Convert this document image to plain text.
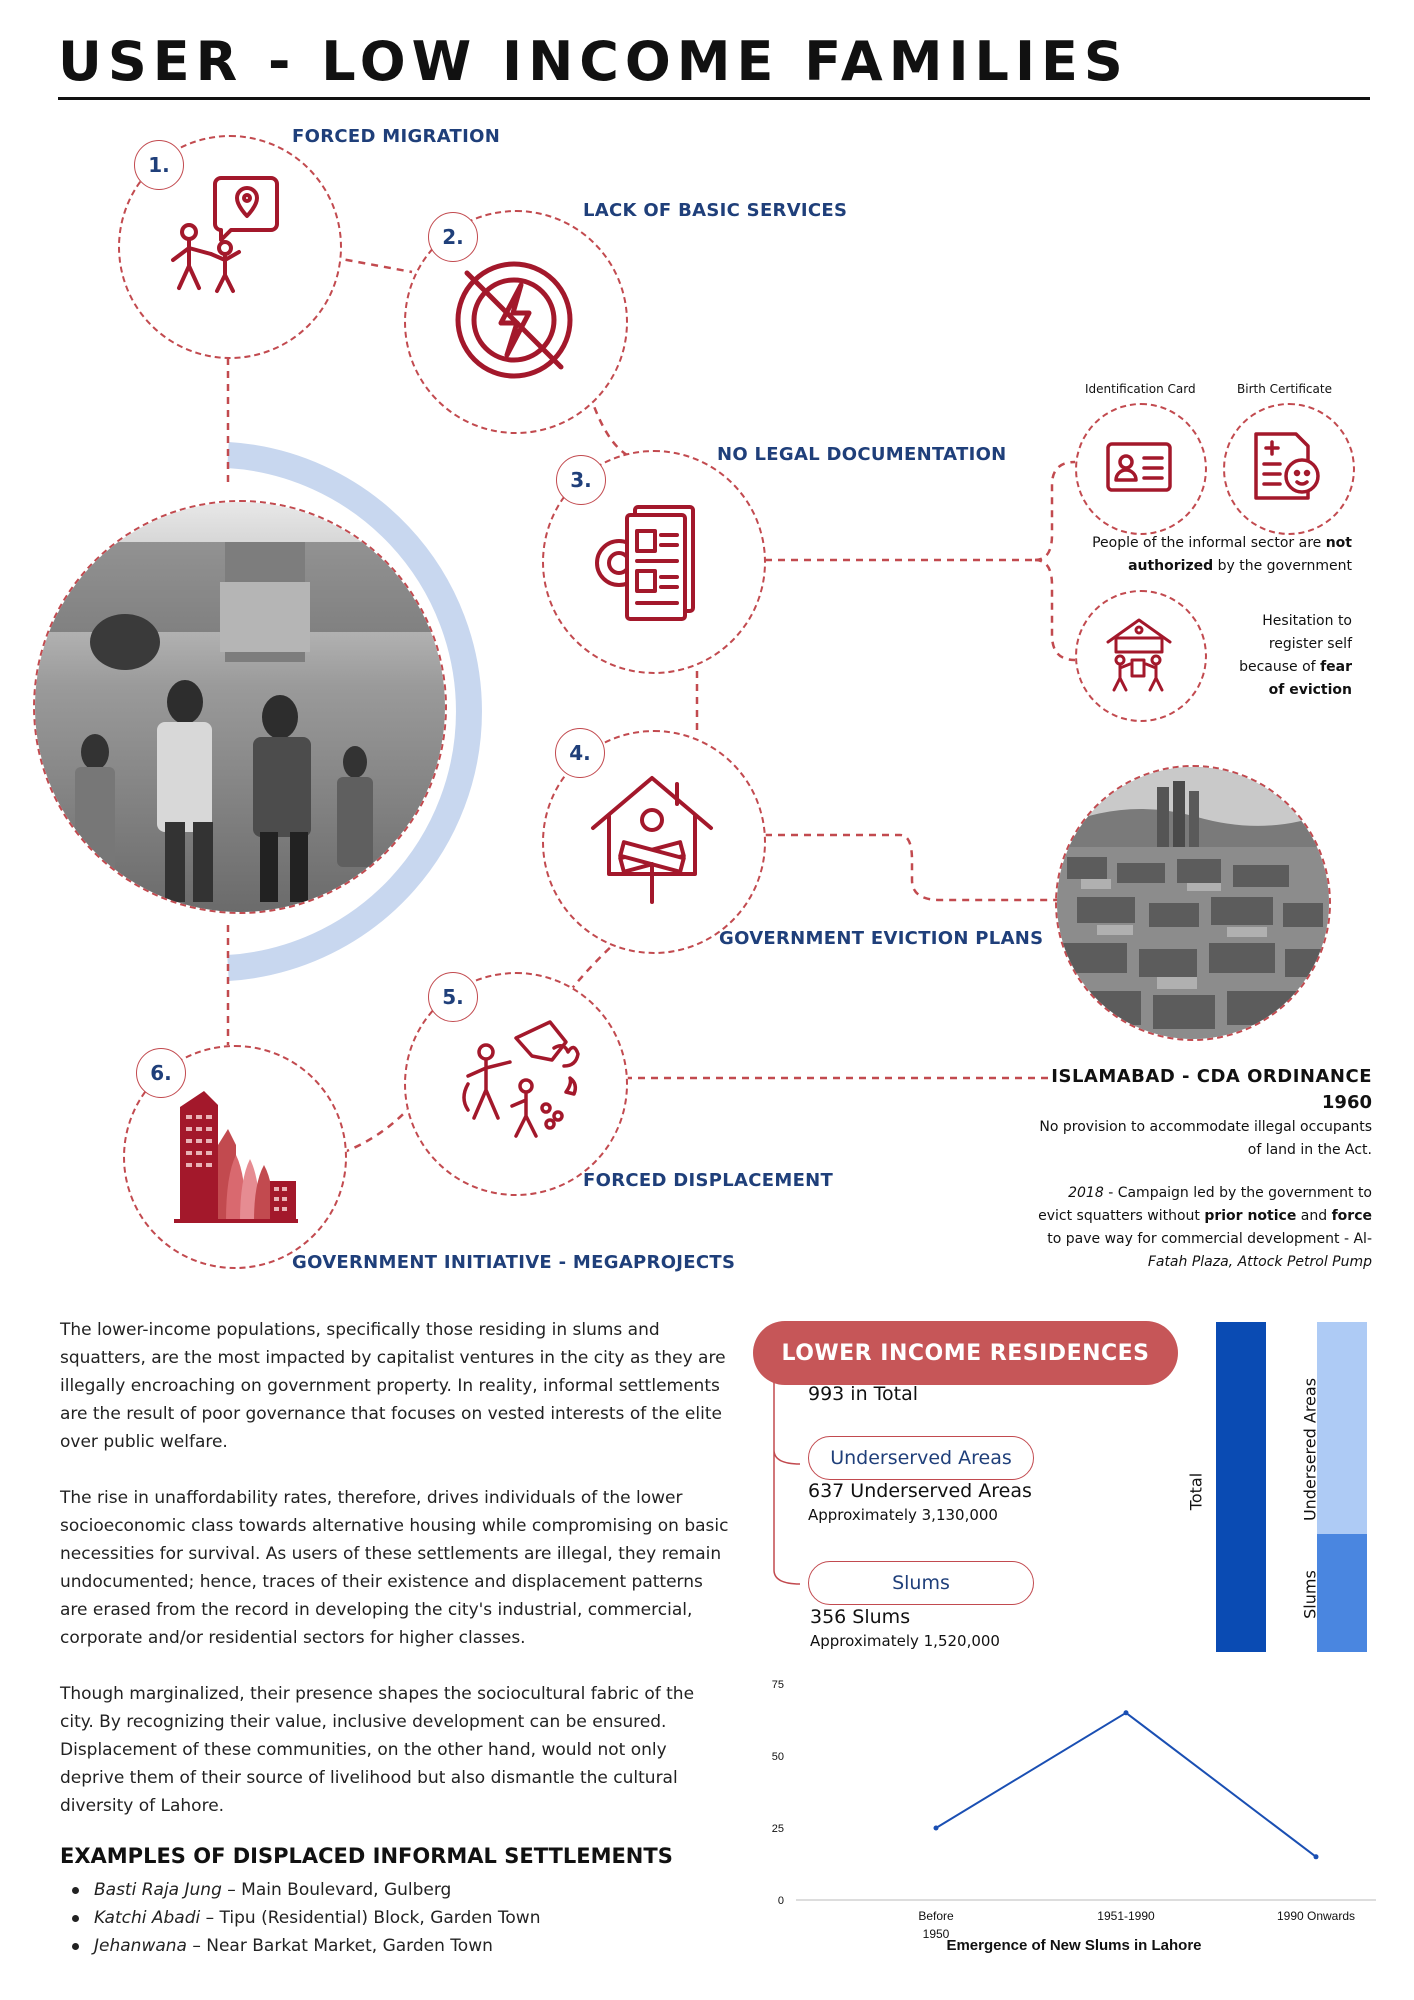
USER - LOW INCOME FAMILIES
1.
FORCED MIGRATION
2.
LACK OF BASIC SERVICES
3.
NO LEGAL DOCUMENTATION
Identification Card	Birth Certificate
People of the informal sector are not
authorized by the government
Hesitation to
register self
because of fear
of eviction
4.
GOVERNMENT EVICTION PLANS
5.
FORCED DISPLACEMENT
6.
GOVERNMENT INITIATIVE - MEGAPROJECTS
ISLAMABAD - CDA ORDINANCE
1960
No provision to accommodate illegal occupants
of land in the Act.
2018 - Campaign led by the government to
evict squatters without prior notice and force
to pave way for commercial development - Al-
Fatah Plaza, Attock Petrol Pump

The lower-income populations, specifically those residing in slums and squatters, are the most impacted by capitalist ventures in the city as they are illegally encroaching on government property. In reality, informal settlements are the result of poor governance that focuses on vested interests of the elite over public welfare.

The rise in unaffordability rates, therefore, drives individuals of the lower socioeconomic class towards alternative housing while compromising on basic necessities for survival. As users of these settlements are illegal, they remain undocumented; hence, traces of their existence and displacement patterns are erased from the record in developing the city's industrial, commercial, corporate and/or residential sectors for higher classes.

Though marginalized, their presence shapes the sociocultural fabric of the city. By recognizing their value, inclusive development can be ensured. Displacement of these communities, on the other hand, would not only deprive them of their source of livelihood but also dismantle the cultural diversity of Lahore.

EXAMPLES OF DISPLACED INFORMAL SETTLEMENTS
Basti Raja Jung – Main Boulevard, Gulberg
Katchi Abadi – Tipu (Residential) Block, Garden Town
Jehanwana – Near Barkat Market, Garden Town
LOWER INCOME RESIDENCES
993 in Total
Underserved Areas
637 Underserved Areas
Approximately 3,130,000
Slums
356 Slums
Approximately 1,520,000
Total	Undersered Areas
Slums
0
25
50
75
Before
1950
1951-1990	1990 Onwards
Emergence of New Slums in Lahore
